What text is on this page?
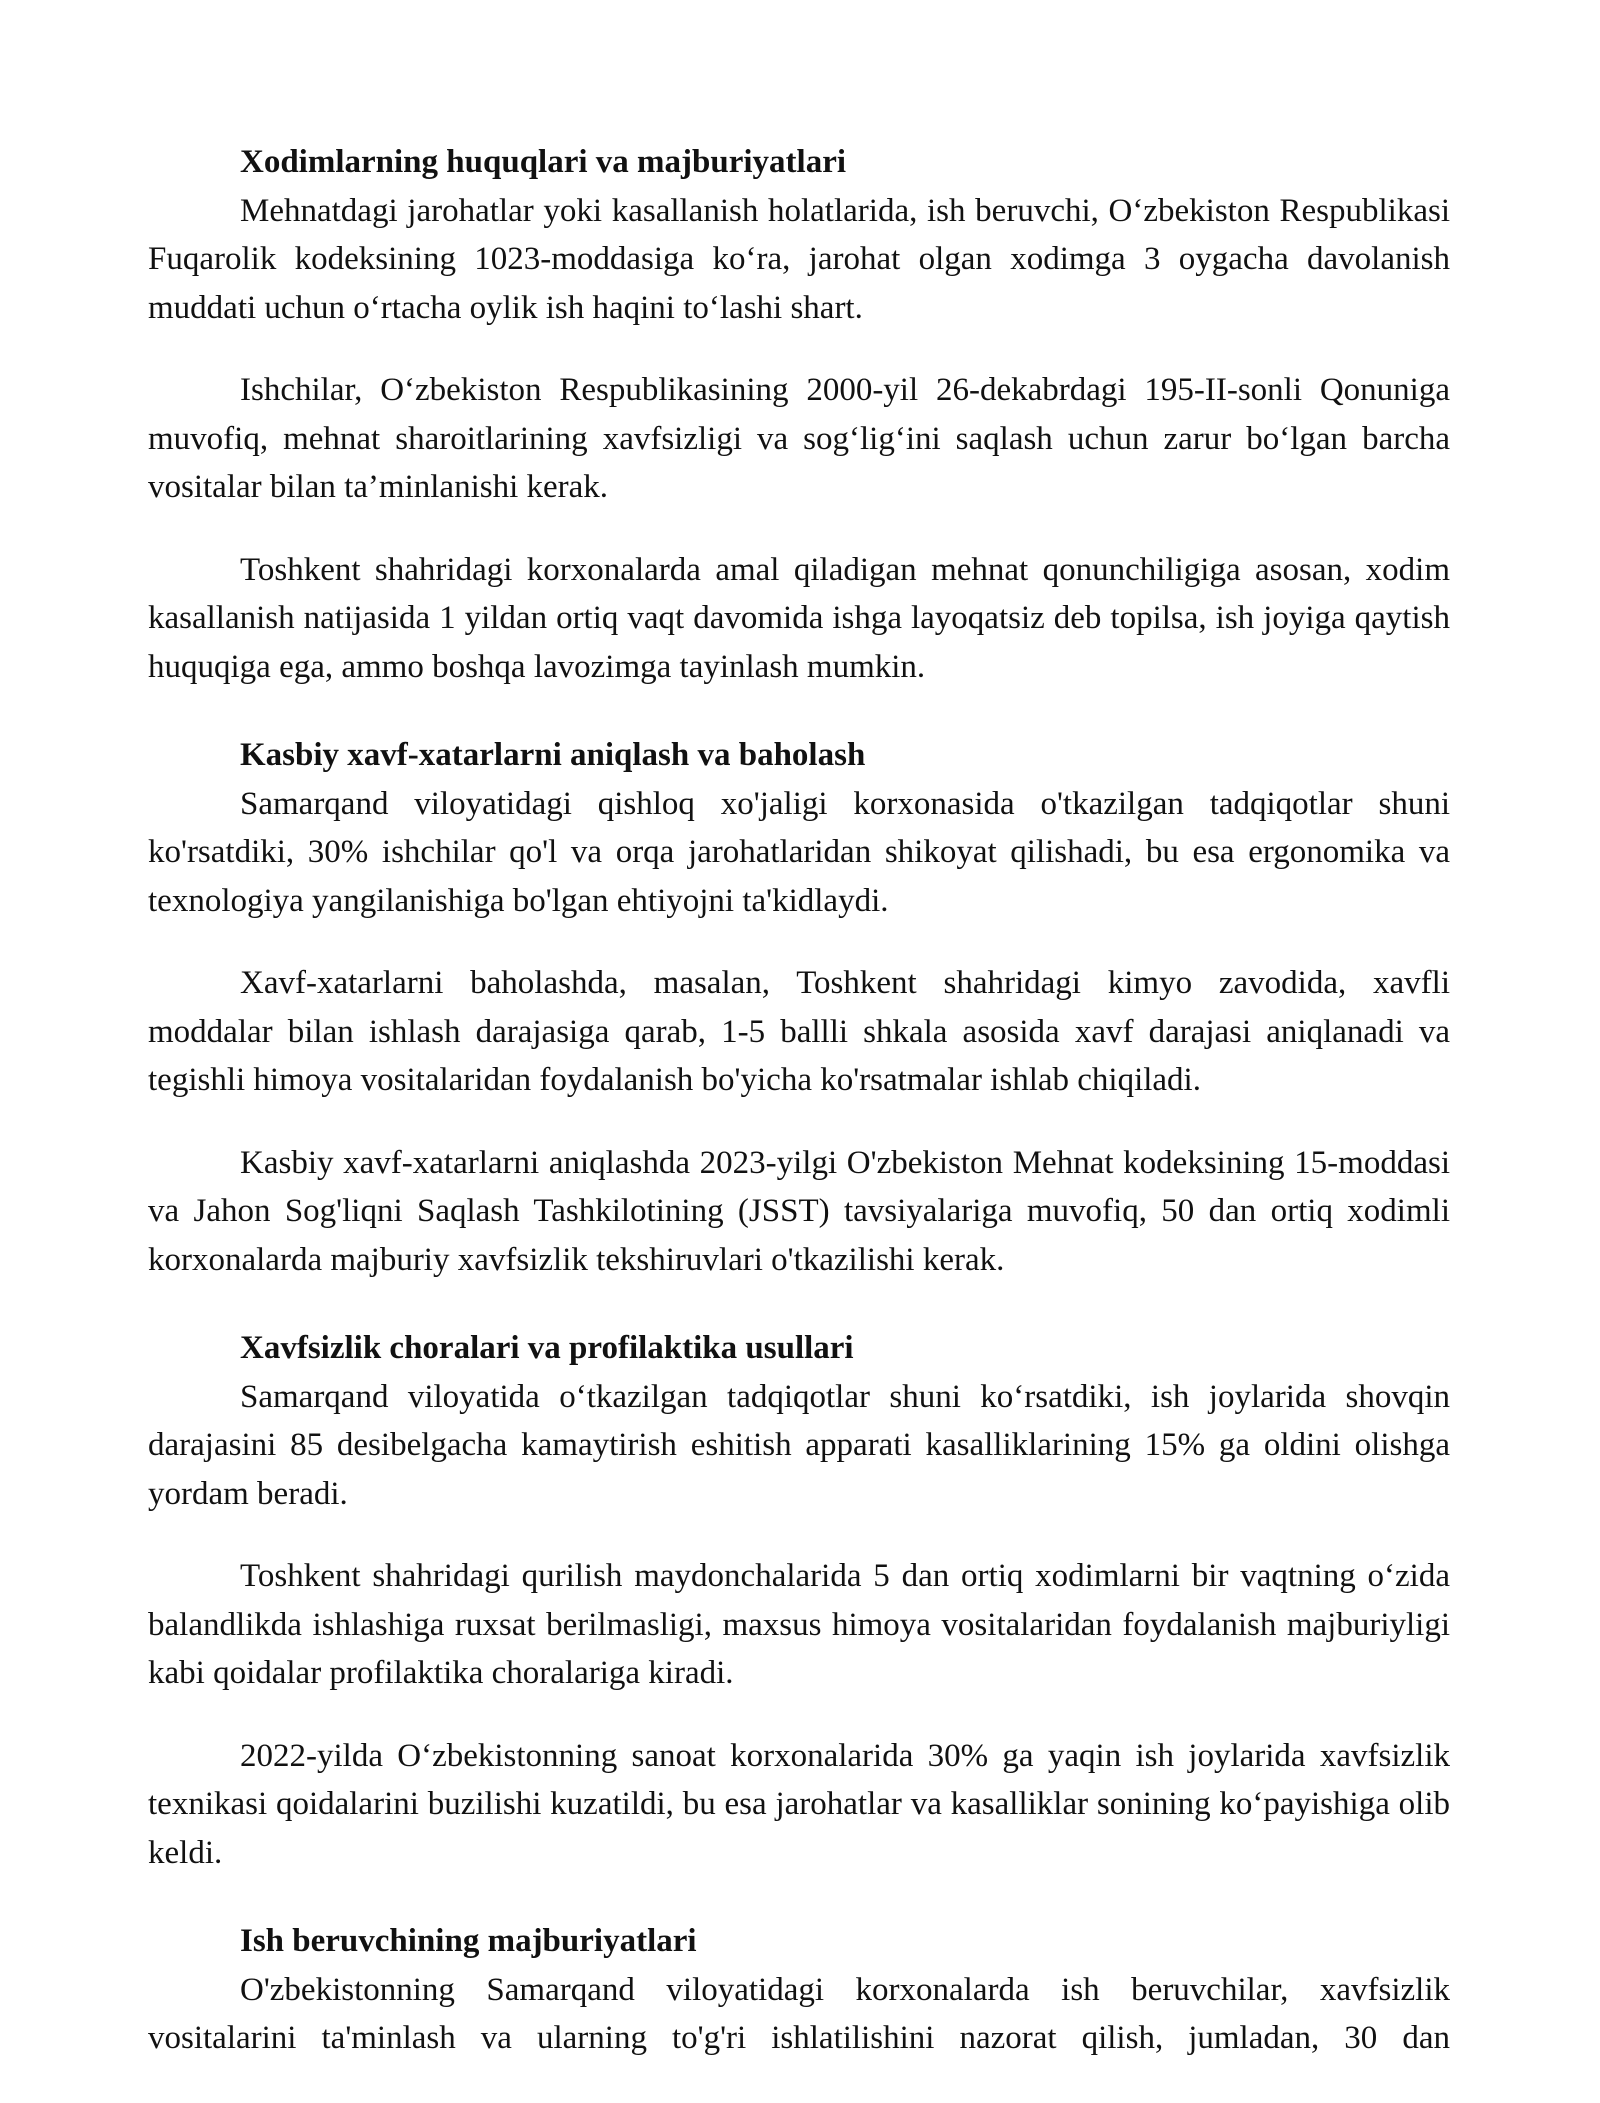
Xodimlarning huquqlari va majburiyatlari

Mehnatdagi jarohatlar yoki kasallanish holatlarida, ish beruvchi, O‘zbekiston Respublikasi Fuqarolik kodeksining 1023-moddasiga ko‘ra, jarohat olgan xodimga 3 oygacha davolanish muddati uchun o‘rtacha oylik ish haqini to‘lashi shart.

Ishchilar, O‘zbekiston Respublikasining 2000-yil 26-dekabrdagi 195-II-sonli Qonuniga muvofiq, mehnat sharoitlarining xavfsizligi va sog‘lig‘ini saqlash uchun zarur bo‘lgan barcha vositalar bilan ta’minlanishi kerak.

Toshkent shahridagi korxonalarda amal qiladigan mehnat qonunchiligiga asosan, xodim kasallanish natijasida 1 yildan ortiq vaqt davomida ishga layoqatsiz deb topilsa, ish joyiga qaytish huquqiga ega, ammo boshqa lavozimga tayinlash mumkin.

Kasbiy xavf-xatarlarni aniqlash va baholash

Samarqand viloyatidagi qishloq xo'jaligi korxonasida o'tkazilgan tadqiqotlar shuni ko'rsatdiki, 30% ishchilar qo'l va orqa jarohatlaridan shikoyat qilishadi, bu esa ergonomika va texnologiya yangilanishiga bo'lgan ehtiyojni ta'kidlaydi.

Xavf-xatarlarni baholashda, masalan, Toshkent shahridagi kimyo zavodida, xavfli moddalar bilan ishlash darajasiga qarab, 1-5 ballli shkala asosida xavf darajasi aniqlanadi va tegishli himoya vositalaridan foydalanish bo'yicha ko'rsatmalar ishlab chiqiladi.

Kasbiy xavf-xatarlarni aniqlashda 2023-yilgi O'zbekiston Mehnat kodeksining 15-moddasi va Jahon Sog'liqni Saqlash Tashkilotining (JSST) tavsiyalariga muvofiq, 50 dan ortiq xodimli korxonalarda majburiy xavfsizlik tekshiruvlari o'tkazilishi kerak.

Xavfsizlik choralari va profilaktika usullari

Samarqand viloyatida o‘tkazilgan tadqiqotlar shuni ko‘rsatdiki, ish joylarida shovqin darajasini 85 desibelgacha kamaytirish eshitish apparati kasalliklarining 15% ga oldini olishga yordam beradi.

Toshkent shahridagi qurilish maydonchalarida 5 dan ortiq xodimlarni bir vaqtning o‘zida balandlikda ishlashiga ruxsat berilmasligi, maxsus himoya vositalaridan foydalanish majburiyligi kabi qoidalar profilaktika choralariga kiradi.

2022-yilda O‘zbekistonning sanoat korxonalarida 30% ga yaqin ish joylarida xavfsizlik texnikasi qoidalarini buzilishi kuzatildi, bu esa jarohatlar va kasalliklar sonining ko‘payishiga olib keldi.

Ish beruvchining majburiyatlari

O'zbekistonning Samarqand viloyatidagi korxonalarda ish beruvchilar, xavfsizlik vositalarini ta'minlash va ularning to'g'ri ishlatilishini nazorat qilish, jumladan, 30 dan
